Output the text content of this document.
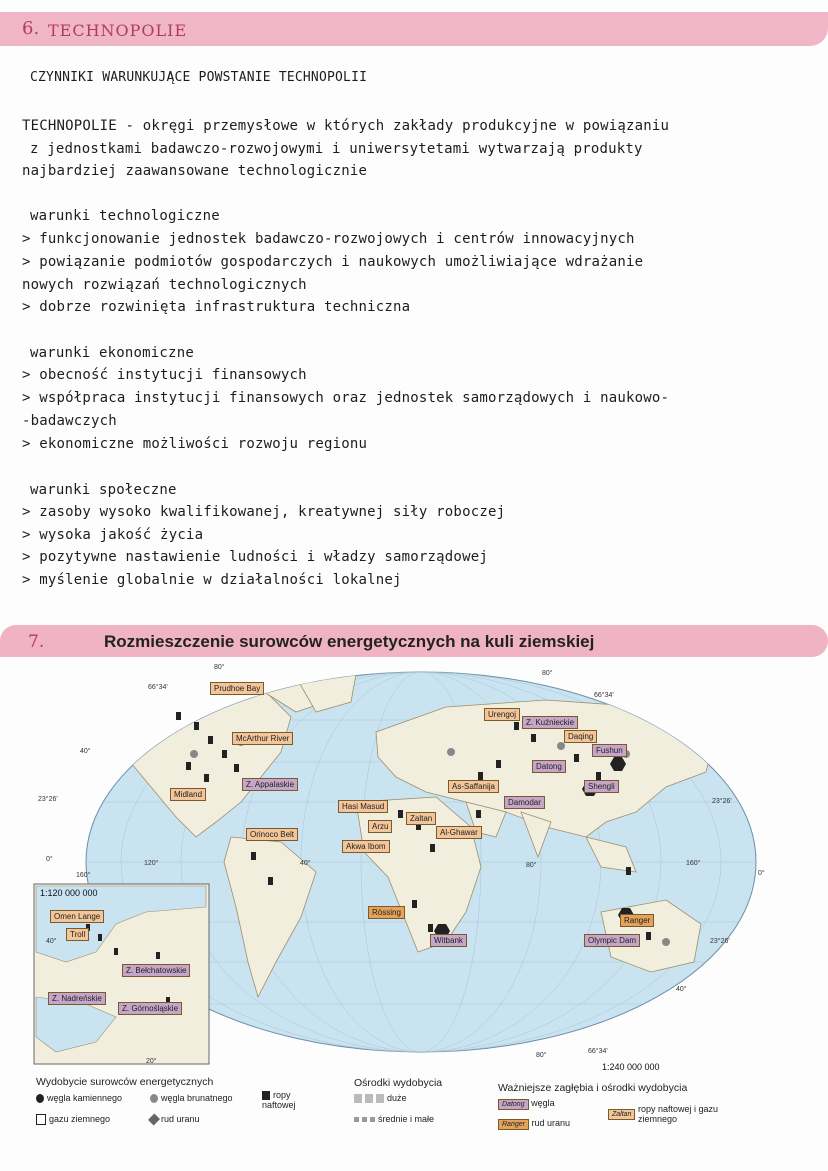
6. TECHNOPOLIE
CZYNNIKI WARUNKUJĄCE POWSTANIE TECHNOPOLII
TECHNOPOLIE - okręgi przemysłowe w których zakłady produkcyjne w powiązaniu
z jednostkami badawczo-rozwojowymi i uniwersytetami wytwarzają produkty
najbardziej zaawansowane technologicznie
warunki technologiczne
> funkcjonowanie jednostek badawczo-rozwojowych i centrów innowacyjnych
> powiązanie podmiotów gospodarczych i naukowych umożliwiające wdrażanie
nowych rozwiązań technologicznych
> dobrze rozwinięta infrastruktura techniczna
warunki ekonomiczne
> obecność instytucji finansowych
> współpraca instytucji finansowych oraz jednostek samorządowych i naukowo-
-badawczych
> ekonomiczne możliwości rozwoju regionu
warunki społeczne
> zasoby wysoko kwalifikowanej, kreatywnej siły roboczej
> wysoka jakość życia
> pozytywne nastawienie ludności i władzy samorządowej
> myślenie globalnie w działalności lokalnej
7.	Rozmieszczenie surowców energetycznych na kuli ziemskiej
80°
66°34'
40°
23°26'
0°
120°
160°
40°	80°
80°
66°34'
23°26'
23°26'
0°
40°
160°
40°
80°
66°34'
20°
Prudhoe Bay
McArthur River
Midland
Orinoco Belt
Hasi Masud
Zaltan
Arzu
Akwa Ibom
As-Saffanija
Al-Ghawar
Urengoj
Daqing
Omen Lange
Troll
Z. Appalaskie
Z. Kuźnieckie
Fushun
Datong
Damodar
Shengli
Witbank	Olympic Dam
Z. Bełchatowskie
Z. Nadreńskie
Z. Górnośląskie
Rössing
Ranger
1:120 000 000
1:240 000 000
Wydobycie surowców energetycznych
węgla kamiennego	węgla brunatnego	ropy naftowej
gazu ziemnego	rud uranu
Ośrodki wydobycia
duże
średnie i małe
Ważniejsze zagłębia i ośrodki wydobycia
Datong węgla
Ranger rud uranu
Zaltan ropy naftowej i gazu ziemnego
